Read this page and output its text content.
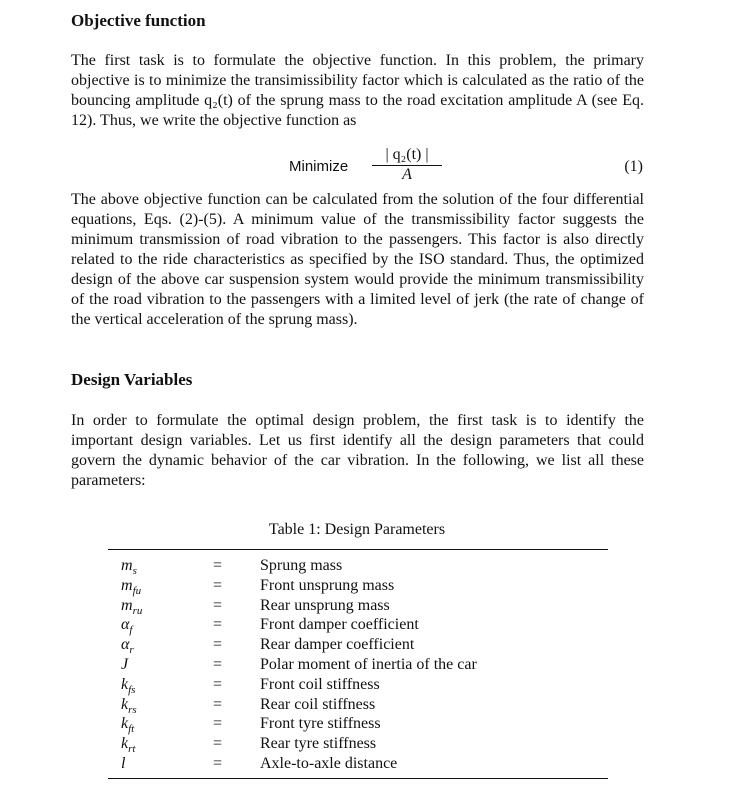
Objective function
The first task is to formulate the objective function. In this problem, the primary objective is to minimize the transimissibility factor which is calculated as the ratio of the bouncing amplitude q₂(t) of the sprung mass to the road excitation amplitude A (see Eq. 12). Thus, we write the objective function as
Minimize $\frac{\text{| q₂(t) |}}{A}$	(1)
The above objective function can be calculated from the solution of the four differential equations, Eqs. (2)-(5). A minimum value of the transmissibility factor suggests the minimum transmission of road vibration to the passengers. This factor is also directly related to the ride characteristics as specified by the ISO standard. Thus, the optimized design of the above car suspension system would provide the minimum transmissibility of the road vibration to the passengers with a limited level of jerk (the rate of change of the vertical acceleration of the sprung mass).
Design Variables
In order to formulate the optimal design problem, the first task is to identify the important design variables. Let us first identify all the design parameters that could govern the dynamic behavior of the car vibration. In the following, we list all these parameters:
Table 1: Design Parameters
$m_s$	=	Sprung mass
$m_{fu}$	=	Front unsprung mass
$m_{ru}$	=	Rear unsprung mass
$\alpha_f$	=	Front damper coefficient
$\alpha_r$	=	Rear damper coefficient
J	=	Polar moment of inertia of the car
$k_{fs}$	=	Front coil stiffness
$k_{rs}$	=	Rear coil stiffness
$k_{ft}$	=	Front tyre stiffness
$k_{rt}$	=	Rear tyre stiffness
l	=	Axle-to-axle distance
